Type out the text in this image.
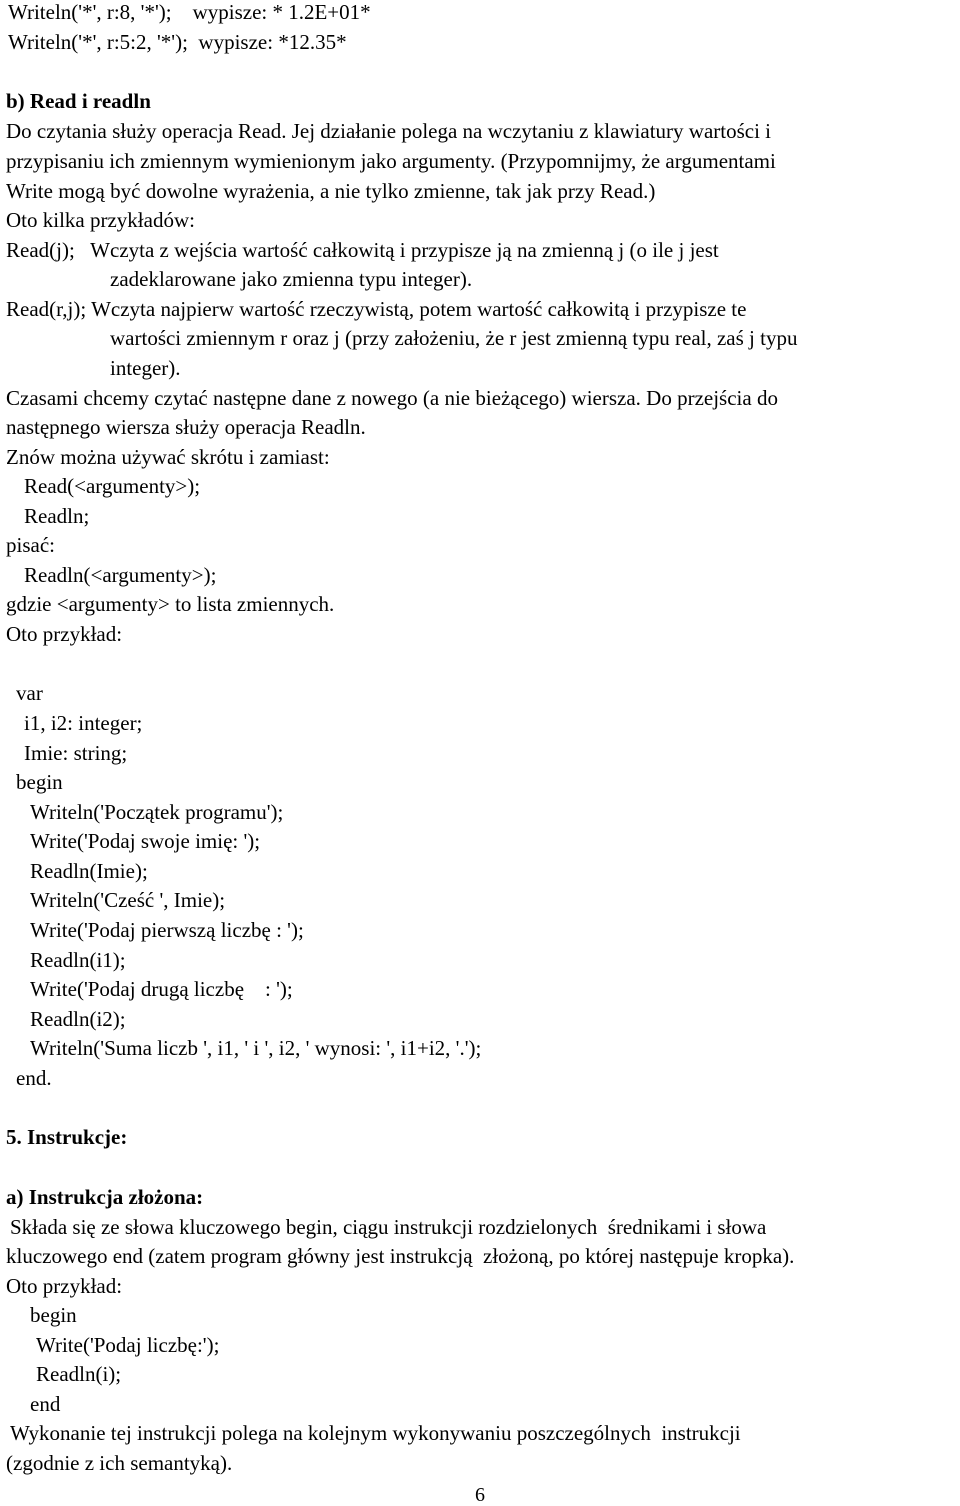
Writeln('*', r:8, '*');    wypisze: * 1.2E+01*
Writeln('*', r:5:2, '*');  wypisze: *12.35*
b) Read i readln
Do czytania służy operacja Read. Jej działanie polega na wczytaniu z klawiatury wartości i
przypisaniu ich zmiennym wymienionym jako argumenty. (Przypomnijmy, że argumentami
Write mogą być dowolne wyrażenia, a nie tylko zmienne, tak jak przy Read.)
Oto kilka przykładów:
Read(j);   Wczyta z wejścia wartość całkowitą i przypisze ją na zmienną j (o ile j jest
zadeklarowane jako zmienna typu integer).
Read(r,j); Wczyta najpierw wartość rzeczywistą, potem wartość całkowitą i przypisze te
wartości zmiennym r oraz j (przy założeniu, że r jest zmienną typu real, zaś j typu
integer).
Czasami chcemy czytać następne dane z nowego (a nie bieżącego) wiersza. Do przejścia do
następnego wiersza służy operacja Readln.
Znów można używać skrótu i zamiast:
Read(<argumenty>);
Readln;
pisać:
Readln(<argumenty>);
gdzie <argumenty> to lista zmiennych.
Oto przykład:
var
i1, i2: integer;
Imie: string;
begin
Writeln('Początek programu');
Write('Podaj swoje imię: ');
Readln(Imie);
Writeln('Cześć ', Imie);
Write('Podaj pierwszą liczbę : ');
Readln(i1);
Write('Podaj drugą liczbę    : ');
Readln(i2);
Writeln('Suma liczb ', i1, ' i ', i2, ' wynosi: ', i1+i2, '.');
end.
5. Instrukcje:
a) Instrukcja złożona:
Składa się ze słowa kluczowego begin, ciągu instrukcji rozdzielonych  średnikami i słowa
kluczowego end (zatem program główny jest instrukcją  złożoną, po której następuje kropka).
Oto przykład:
begin
Write('Podaj liczbę:');
Readln(i);
end
Wykonanie tej instrukcji polega na kolejnym wykonywaniu poszczególnych  instrukcji
(zgodnie z ich semantyką).
6
